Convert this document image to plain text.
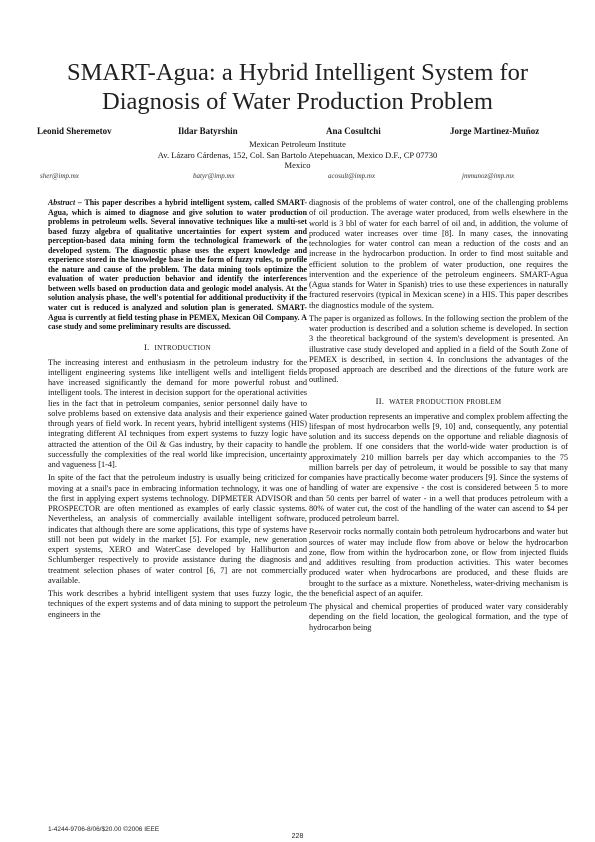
SMART-Agua: a Hybrid Intelligent System for Diagnosis of Water Production Problem
Leonid Sheremetov	Ildar Batyrshin	Ana Cosultchi	Jorge Martinez-Muñoz
Mexican Petroleum Institute
Av. Lázaro Cárdenas, 152, Col. San Bartolo Atepehuacan, Mexico D.F., CP 07730
Mexico
sher@imp.mx	batyr@imp.mx	acosult@imp.mx	jmmunoz@imp.mx

Abstract – This paper describes a hybrid intelligent system, called SMART-Agua, which is aimed to diagnose and give solution to water production problems in petroleum wells. Several innovative techniques like a multi-set based fuzzy algebra of qualitative uncertainties for expert system and perception-based data mining form the technological framework of the developed system. The diagnostic phase uses the expert knowledge and experience stored in the knowledge base in the form of fuzzy rules, to profile the nature and cause of the problem. The data mining tools optimize the evaluation of water production behavior and identify the interferences between wells based on production data and geologic model analysis. At the solution analysis phase, the well's potential for additional productivity if the water cut is reduced is analyzed and solution plan is generated. SMART-Agua is currently at field testing phase in PEMEX, Mexican Oil Company. A case study and some preliminary results are discussed.

I. INTRODUCTION

The increasing interest and enthusiasm in the petroleum industry for the intelligent engineering systems like intelligent wells and intelligent fields have increased significantly the demand for more powerful robust and intelligent tools. The interest in decision support for the operational activities lies in the fact that in petroleum companies, senior personnel daily have to solve problems based on extensive data analysis and their experience gained through years of field work. In recent years, hybrid intelligent systems (HIS) integrating different AI techniques from expert systems to fuzzy logic have attracted the attention of the Oil & Gas industry, by their capacity to handle successfully the complexities of the real world like imprecision, uncertainty and vagueness [1-4].

In spite of the fact that the petroleum industry is usually being criticized for moving at a snail's pace in embracing information technology, it was one of the first in applying expert systems technology. DIPMETER ADVISOR and PROSPECTOR are often mentioned as examples of early classic systems. Nevertheless, an analysis of commercially available intelligent software, indicates that although there are some applications, this type of systems have still not been put widely in the market [5]. For example, new generation expert systems, XERO and WaterCase developed by Halliburton and Schlumberger respectively to provide assistance during the diagnosis and treatment selection phases of water control [6, 7] are not commercially available.

This work describes a hybrid intelligent system that uses fuzzy logic, the techniques of the expert systems and of data mining to support the petroleum engineers in the

diagnosis of the problems of water control, one of the challenging problems of oil production. The average water produced, from wells elsewhere in the world is 3 bbl of water for each barrel of oil and, in addition, the volume of produced water increases over time [8]. In many cases, the innovating technologies for water control can mean a reduction of the costs and an increase in the hydrocarbon production. In order to find most suitable and efficient solution to the problem of water production, one requires the intervention and the experience of the petroleum engineers. SMART-Agua (Agua stands for Water in Spanish) tries to use these experiences in naturally fractured reservoirs (typical in Mexican scene) in a HIS. This paper describes the diagnostics module of the system.

The paper is organized as follows. In the following section the problem of the water production is described and a solution scheme is developed. In section 3 the theoretical background of the system's development is presented. An illustrative case study developed and applied in a field of the South Zone of PEMEX is described, in section 4. In conclusions the advantages of the proposed approach are described and the directions of the future work are outlined.

II. WATER PRODUCTION PROBLEM

Water production represents an imperative and complex problem affecting the lifespan of most hydrocarbon wells [9, 10] and, consequently, any potential solution and its success depends on the opportune and reliable diagnosis of the problem. If one considers that the world-wide water production is of approximately 210 million barrels per day which accompanies to the 75 million barrels per day of petroleum, it would be possible to say that many companies have practically become water producers [9]. Since the systems of handling of water are expensive - the cost is considered between 5 to more than 50 cents per barrel of water - in a well that produces petroleum with a 80% of water cut, the cost of the handling of the water can ascend to $4 per produced petroleum barrel.

Reservoir rocks normally contain both petroleum hydrocarbons and water but sources of water may include flow from above or below the hydrocarbon zone, flow from within the hydrocarbon zone, or flow from injected fluids and additives resulting from production activities. This water becomes produced water when hydrocarbons are produced, and these fluids are brought to the surface as a mixture. Nonetheless, water-driving mechanism is the beneficial aspect of an aquifer.

The physical and chemical properties of produced water vary considerably depending on the field location, the geological formation, and the type of hydrocarbon being

1-4244-9706-8/06/$20.00 ©2006 IEEE
228
